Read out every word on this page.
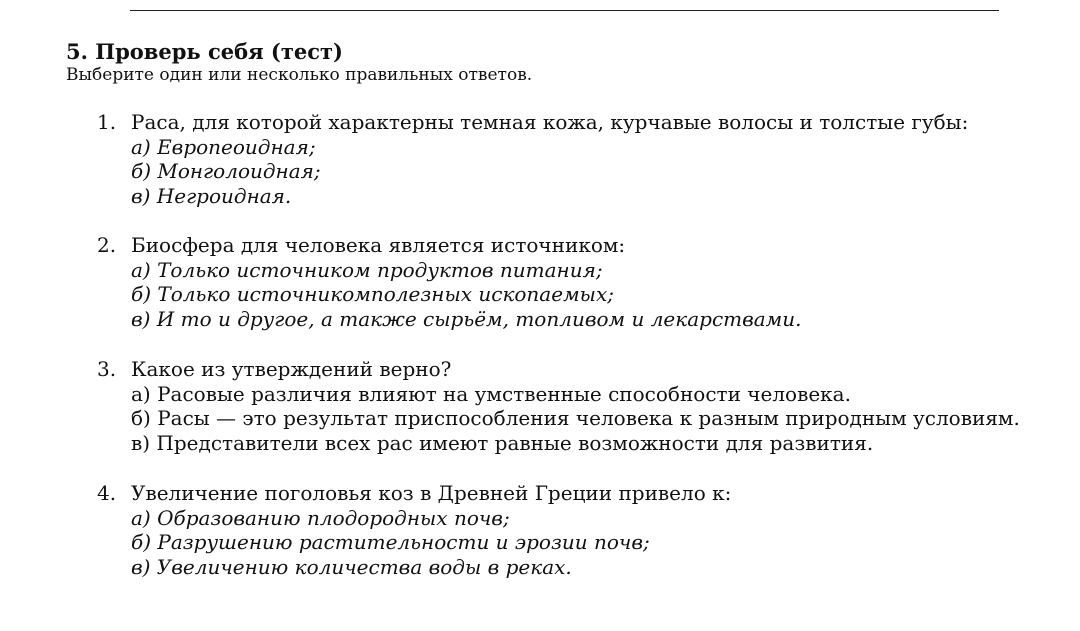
5. Проверь себя (тест)
Выберите один или несколько правильных ответов.
1. Раса, для которой характерны темная кожа, курчавые волосы и толстые губы:
а) Европеоидная;
б) Монголоидная;
в) Негроидная.
2. Биосфера для человека является источником:
а) Только источником продуктов питания;
б) Только источникомполезных ископаемых;
в) И то и другое, а также сырьём, топливом и лекарствами.
3. Какое из утверждений верно?
а) Расовые различия влияют на умственные способности человека.
б) Расы — это результат приспособления человека к разным природным условиям.
в) Представители всех рас имеют равные возможности для развития.
4. Увеличение поголовья коз в Древней Греции привело к:
а) Образованию плодородных почв;
б) Разрушению растительности и эрозии почв;
в) Увеличению количества воды в реках.
